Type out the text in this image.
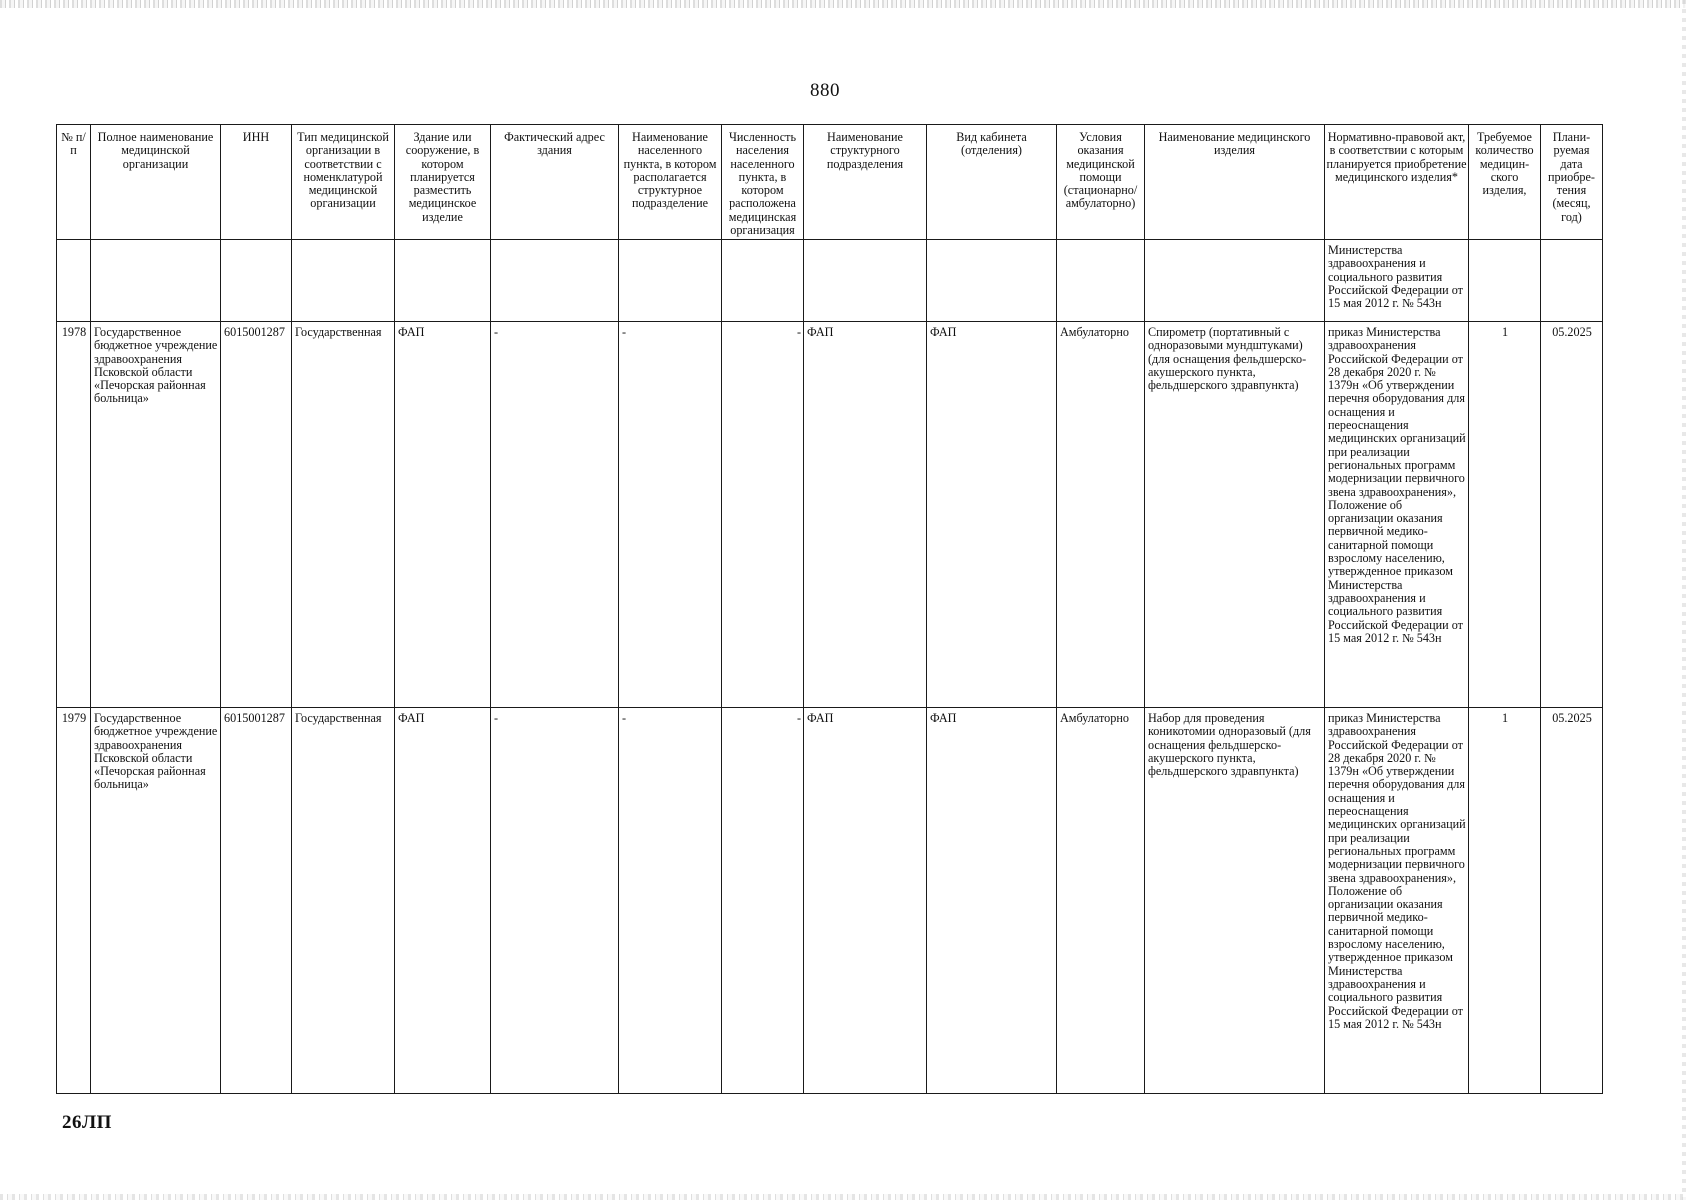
880
№ п/п	Полное наименование медицинской организации	ИНН	Тип медицинской организации в соответствии с номенклатурой медицинской организации	Здание или сооружение, в котором планируется разместить медицинское изделие	Фактический адрес здания	Наименование населенного пункта, в котором располагается структурное подразделение	Численность населения населенного пункта, в котором расположена медицинская организация	Наименование структурного подразделения	Вид кабинета (отделения)	Условия оказания медицинской помощи (стационарно/ амбулаторно)	Наименование медицинского изделия	Нормативно-правовой акт, в соответствии с которым планируется приобретение медицинского изделия*	Требуемое количество медицин-ского изделия,	Плани-руемая дата приобре-тения (месяц, год)
												Министерства здравоохранения и социального развития Российской Федерации от 15 мая 2012 г. № 543н		
1978	Государственное бюджетное учреждение здравоохранения Псковской области «Печорская районная больница»	6015001287	Государственная	ФАП	-	-	-	ФАП	ФАП	Амбулаторно	Спирометр (портативный с одноразовыми мундштуками) (для оснащения фельдшерско-акушерского пункта, фельдшерского здравпункта)	приказ Министерства здравоохранения Российской Федерации от 28 декабря 2020 г. № 1379н «Об утверждении перечня оборудования для оснащения и переоснащения медицинских организаций при реализации региональных программ модернизации первичного звена здравоохранения», Положение об организации оказания первичной медико-санитарной помощи взрослому населению, утвержденное приказом Министерства здравоохранения и социального развития Российской Федерации от 15 мая 2012 г. № 543н	1	05.2025
1979	Государственное бюджетное учреждение здравоохранения Псковской области «Печорская районная больница»	6015001287	Государственная	ФАП	-	-	-	ФАП	ФАП	Амбулаторно	Набор для проведения коникотомии одноразовый (для оснащения фельдшерско-акушерского пункта, фельдшерского здравпункта)	приказ Министерства здравоохранения Российской Федерации от 28 декабря 2020 г. № 1379н «Об утверждении перечня оборудования для оснащения и переоснащения медицинских организаций при реализации региональных программ модернизации первичного звена здравоохранения», Положение об организации оказания первичной медико-санитарной помощи взрослому населению, утвержденное приказом Министерства здравоохранения и социального развития Российской Федерации от 15 мая 2012 г. № 543н	1	05.2025
26ЛП
